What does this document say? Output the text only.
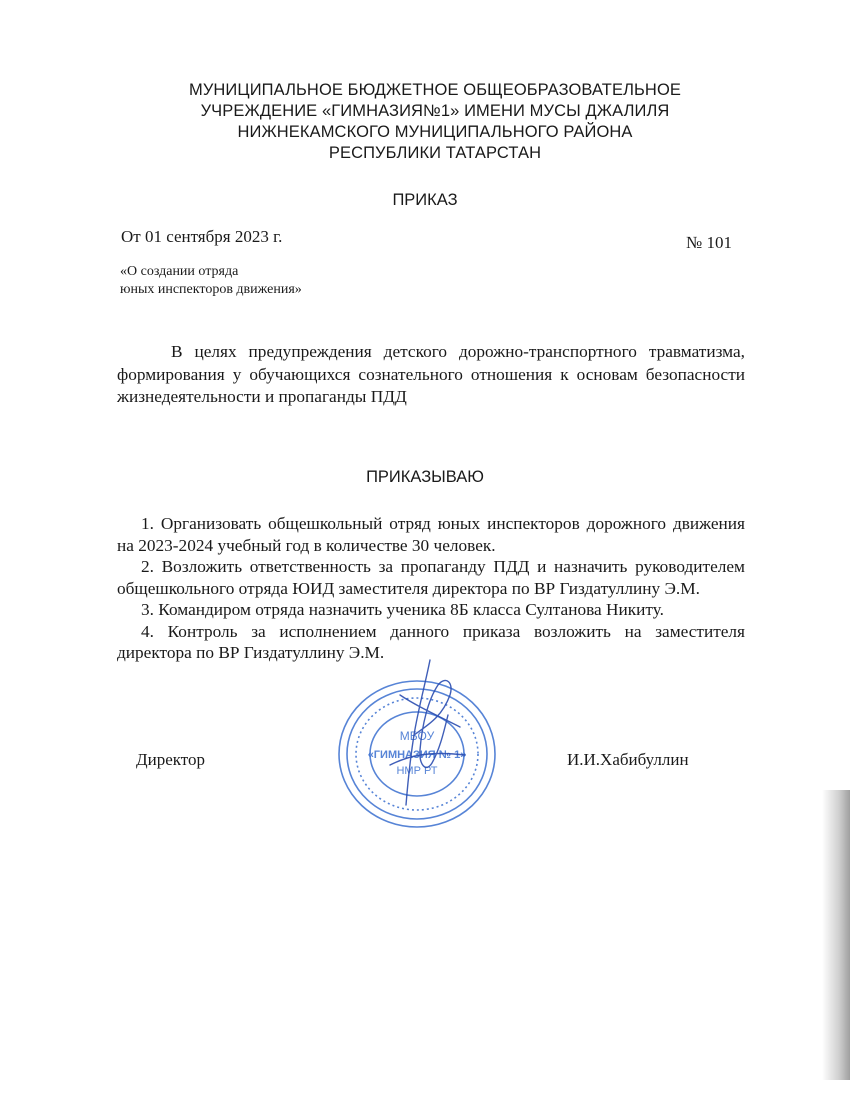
МУНИЦИПАЛЬНОЕ БЮДЖЕТНОЕ ОБЩЕОБРАЗОВАТЕЛЬНОЕ
УЧРЕЖДЕНИЕ «ГИМНАЗИЯ№1» ИМЕНИ МУСЫ ДЖАЛИЛЯ
НИЖНЕКАМСКОГО МУНИЦИПАЛЬНОГО РАЙОНА
РЕСПУБЛИКИ ТАТАРСТАН
ПРИКАЗ
От 01 сентября 2023 г.	№ 101
«О создании отряда
юных инспекторов движения»
В целях предупреждения детского дорожно-транспортного травматизма, формирования у обучающихся сознательного отношения к основам безопасности жизнедеятельности и пропаганды ПДД
ПРИКАЗЫВАЮ
1. Организовать общешкольный отряд юных инспекторов дорожного движения на 2023-2024 учебный год в количестве 30 человек.
2. Возложить ответственность за пропаганду ПДД и назначить руководителем общешкольного отряда ЮИД заместителя директора по ВР Гиздатуллину Э.М.
3. Командиром отряда назначить ученика 8Б класса Султанова Никиту.
4. Контроль за исполнением данного приказа возложить на заместителя директора по ВР Гиздатуллину Э.М.
Директор	И.И.Хабибуллин
МБОУ
«ГИМНАЗИЯ № 1»
НМР РТ
